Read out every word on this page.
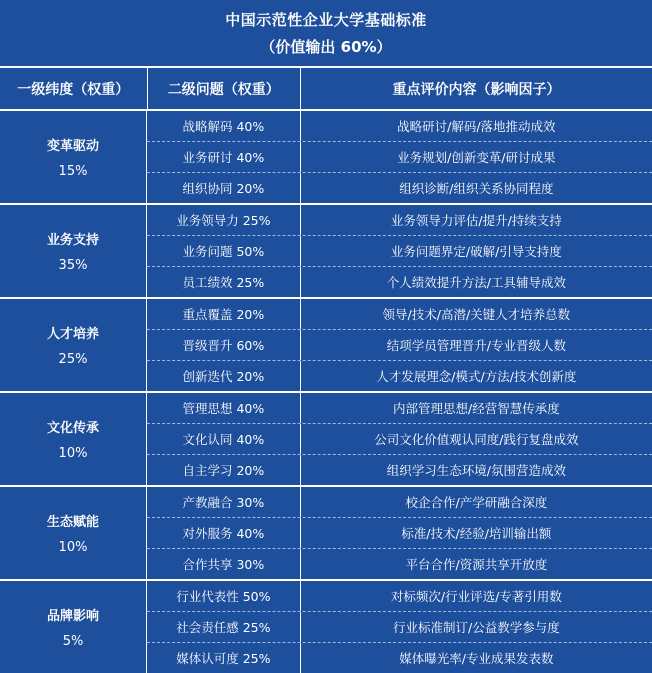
中国示范性企业大学基础标准
（价值输出 60%）
一级纬度（权重）	二级问题（权重）	重点评价内容（影响因子）
变革驱动
15%
战略解码 40%	战略研讨/解码/落地推动成效
业务研讨 40%	业务规划/创新变革/研讨成果
组织协同 20%	组织诊断/组织关系协同程度
业务支持
35%
业务领导力 25%	业务领导力评估/提升/持续支持
业务问题 50%	业务问题界定/破解/引导支持度
员工绩效 25%	个人绩效提升方法/工具辅导成效
人才培养
25%
重点覆盖 20%	领导/技术/高潜/关键人才培养总数
晋级晋升 60%	结项学员管理晋升/专业晋级人数
创新迭代 20%	人才发展理念/模式/方法/技术创新度
文化传承
10%
管理思想 40%	内部管理思想/经营智慧传承度
文化认同 40%	公司文化价值观认同度/践行复盘成效
自主学习 20%	组织学习生态环境/氛围营造成效
生态赋能
10%
产教融合 30%	校企合作/产学研融合深度
对外服务 40%	标准/技术/经验/培训输出额
合作共享 30%	平台合作/资源共享开放度
品牌影响
5%
行业代表性 50%	对标频次/行业评选/专著引用数
社会责任感 25%	行业标准制订/公益教学参与度
媒体认可度 25%	媒体曝光率/专业成果发表数
